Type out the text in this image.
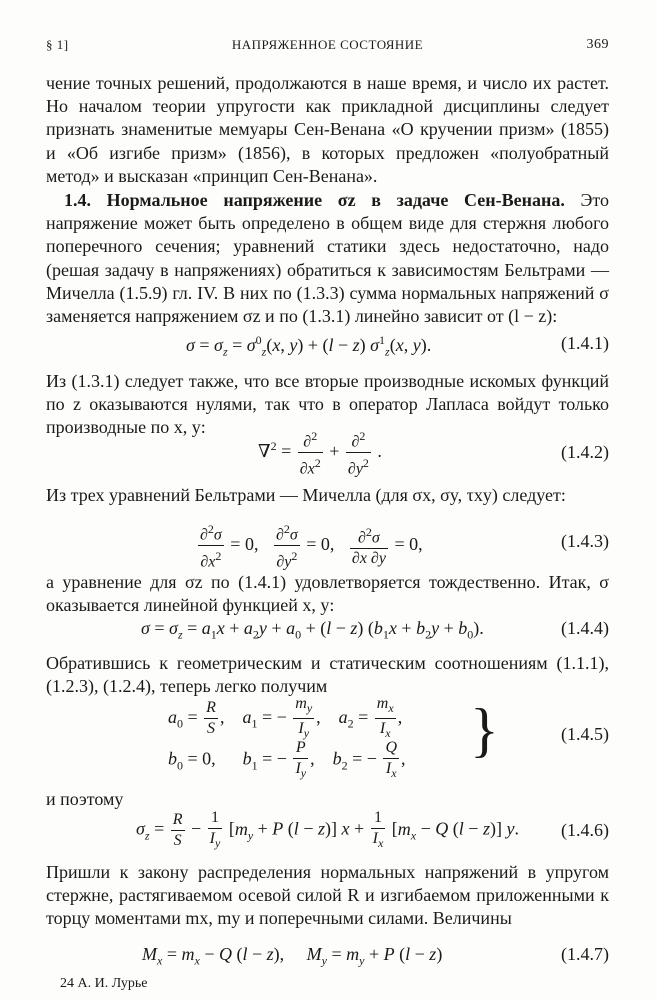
§ 1]	НАПРЯЖЕННОЕ СОСТОЯНИЕ	369
чение точных решений, продолжаются в наше время, и число их растет. Но началом теории упругости как прикладной дисциплины следует признать знаменитые мемуары Сен-Венана «О кручении призм» (1855) и «Об изгибе призм» (1856), в которых предложен «полуобратный метод» и высказан «принцип Сен-Венана».
1.4. Нормальное напряжение σz в задаче Сен-Венана. Это напряжение может быть определено в общем виде для стержня любого поперечного сечения; уравнений статики здесь недостаточно, надо (решая задачу в напряжениях) обратиться к зависимостям Бельтрами — Мичелла (1.5.9) гл. IV. В них по (1.3.3) сумма нормальных напряжений σ заменяется напряжением σz и по (1.3.1) линейно зависит от (l − z):
$\sigma = \sigma_z = \sigma^0_z(x$, y) + (l − z) $\sigma^1_z(x$, y).	(1.4.1)
Из (1.3.1) следует также, что все вторые производные искомых функций по z оказываются нулями, так что в оператор Лапласа войдут только производные по x, y:
$\nabla^2 = \frac{\partial^2}{\partial x^2} + \frac{\partial^2}{\partial y^2}$ .	(1.4.2)
Из трех уравнений Бельтрами — Мичелла (для σx, σy, τxy) следует:
$\frac{\partial^2\sigma}{\partial x^2} = 0$, $\frac{\partial^2\sigma}{\partial y^2} = 0$, $\frac{\partial^2\sigma}{\partial x \partial y} = 0$,	(1.4.3)
а уравнение для σz по (1.4.1) удовлетворяется тождественно. Итак, σ оказывается линейной функцией x, y:
$\sigma = \sigma_z = a_1x + a_2y + a_0 + (l - z) (b_1x + b_2y + b_0)$.	(1.4.4)
Обратившись к геометрическим и статическим соотношениям (1.1.1), (1.2.3), (1.2.4), теперь легко получим
$a_0 = \frac{R}{S}$ ,    $a_1$ = − $\frac{m_y}{I_y}$ ,    $a_2 = \frac{m_x}{I_x}$ ,
$b_0 = 0$,      $b_1$ = − $\frac{P}{I_y}$ ,    $b_2$ = − $\frac{Q}{I_x}$ , }	(1.4.5)
и поэтому
$\sigma_z = \frac{R}{S} - \frac{1}{I_y} [m_y + P$ (l − z)] $x + \frac{1}{I_x} [m_x - Q$ (l − z)] y. (1.4.6)
Пришли к закону распределения нормальных напряжений в упругом стержне, растягиваемом осевой силой R и изгибаемом приложенными к торцу моментами mx, my и поперечными силами. Величины
$M_x = m_x - Q$ (l − z),     $M_y = m_y + P$ (l − z)	(1.4.7)
24 А. И. Лурье
